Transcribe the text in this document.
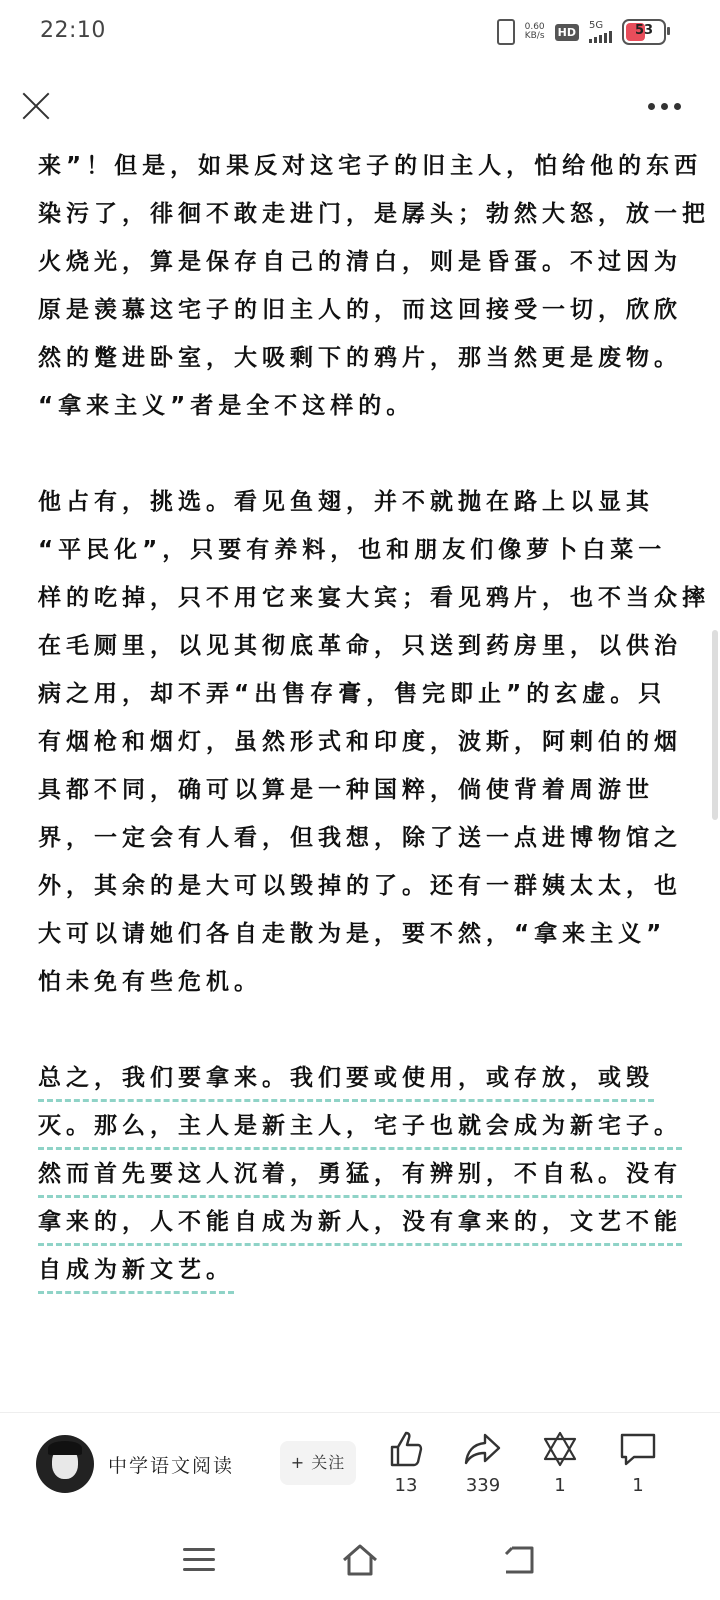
22:10	0.60
KB/s HD	5G	53

来”！但是，如果反对这宅子的旧主人，怕给他的东西

染污了，徘徊不敢走进门，是孱头；勃然大怒，放一把

火烧光，算是保存自己的清白，则是昏蛋。不过因为

原是羡慕这宅子的旧主人的，而这回接受一切，欣欣

然的蹩进卧室，大吸剩下的鸦片，那当然更是废物。

“拿来主义”者是全不这样的。

他占有，挑选。看见鱼翅，并不就抛在路上以显其

“平民化”，只要有养料，也和朋友们像萝卜白菜一

样的吃掉，只不用它来宴大宾；看见鸦片，也不当众摔

在毛厕里，以见其彻底革命，只送到药房里，以供治

病之用，却不弄“出售存膏，售完即止”的玄虚。只

有烟枪和烟灯，虽然形式和印度，波斯，阿剌伯的烟

具都不同，确可以算是一种国粹，倘使背着周游世

界，一定会有人看，但我想，除了送一点进博物馆之

外，其余的是大可以毁掉的了。还有一群姨太太，也

大可以请她们各自走散为是，要不然，“拿来主义”

怕未免有些危机。

总之，我们要拿来。我们要或使用，或存放，或毁

灭。那么，主人是新主人，宅子也就会成为新宅子。

然而首先要这人沉着，勇猛，有辨别，不自私。没有

拿来的，人不能自成为新人，没有拿来的，文艺不能

自成为新文艺。

中学语文阅读	+ 关注
13	339	1	1
